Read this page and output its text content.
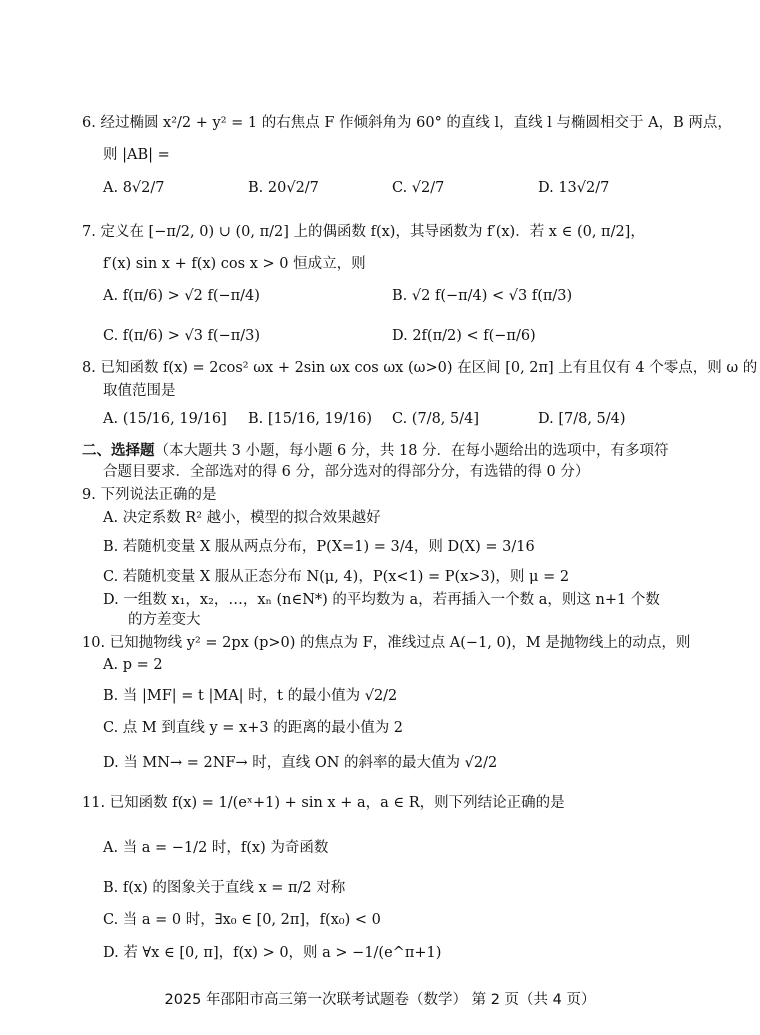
6. 经过椭圆 x²/2 + y² = 1 的右焦点 F 作倾斜角为 60° 的直线 l，直线 l 与椭圆相交于 A，B 两点，
则 |AB| =
A. 8√2/7	B. 20√2/7	C. √2/7	D. 13√2/7
7. 定义在 [−π/2, 0) ∪ (0, π/2] 上的偶函数 f(x)，其导函数为 f′(x)．若 x ∈ (0, π/2]，
f′(x) sin x + f(x) cos x > 0 恒成立，则
A. f(π/6) > √2 f(−π/4)	B. √2 f(−π/4) < √3 f(π/3)
C. f(π/6) > √3 f(−π/3)	D. 2f(π/2) < f(−π/6)
8. 已知函数 f(x) = 2cos² ωx + 2sin ωx cos ωx (ω>0) 在区间 [0, 2π] 上有且仅有 4 个零点，则 ω 的
取值范围是
A. (15/16, 19/16] B. [15/16, 19/16) C. (7/8, 5/4]	D. [7/8, 5/4)
二、选择题（本大题共 3 小题，每小题 6 分，共 18 分．在每小题给出的选项中，有多项符
合题目要求．全部选对的得 6 分，部分选对的得部分分，有选错的得 0 分）
9. 下列说法正确的是
A. 决定系数 R² 越小，模型的拟合效果越好
B. 若随机变量 X 服从两点分布，P(X=1) = 3/4，则 D(X) = 3/16
C. 若随机变量 X 服从正态分布 N(μ, 4)，P(x<1) = P(x>3)，则 μ = 2
D. 一组数 x₁，x₂，…，xₙ (n∈N*) 的平均数为 a，若再插入一个数 a，则这 n+1 个数
的方差变大
10. 已知抛物线 y² = 2px (p>0) 的焦点为 F，准线过点 A(−1, 0)，M 是抛物线上的动点，则
A. p = 2
B. 当 |MF| = t |MA| 时，t 的最小值为 √2/2
C. 点 M 到直线 y = x+3 的距离的最小值为 2
D. 当 MN→ = 2NF→ 时，直线 ON 的斜率的最大值为 √2/2
11. 已知函数 f(x) = 1/(eˣ+1) + sin x + a，a ∈ R，则下列结论正确的是
A. 当 a = −1/2 时，f(x) 为奇函数
B. f(x) 的图象关于直线 x = π/2 对称
C. 当 a = 0 时，∃x₀ ∈ [0, 2π]，f(x₀) < 0
D. 若 ∀x ∈ [0, π]，f(x) > 0，则 a > −1/(e^π+1)
2025 年邵阳市高三第一次联考试题卷（数学） 第 2 页（共 4 页）
